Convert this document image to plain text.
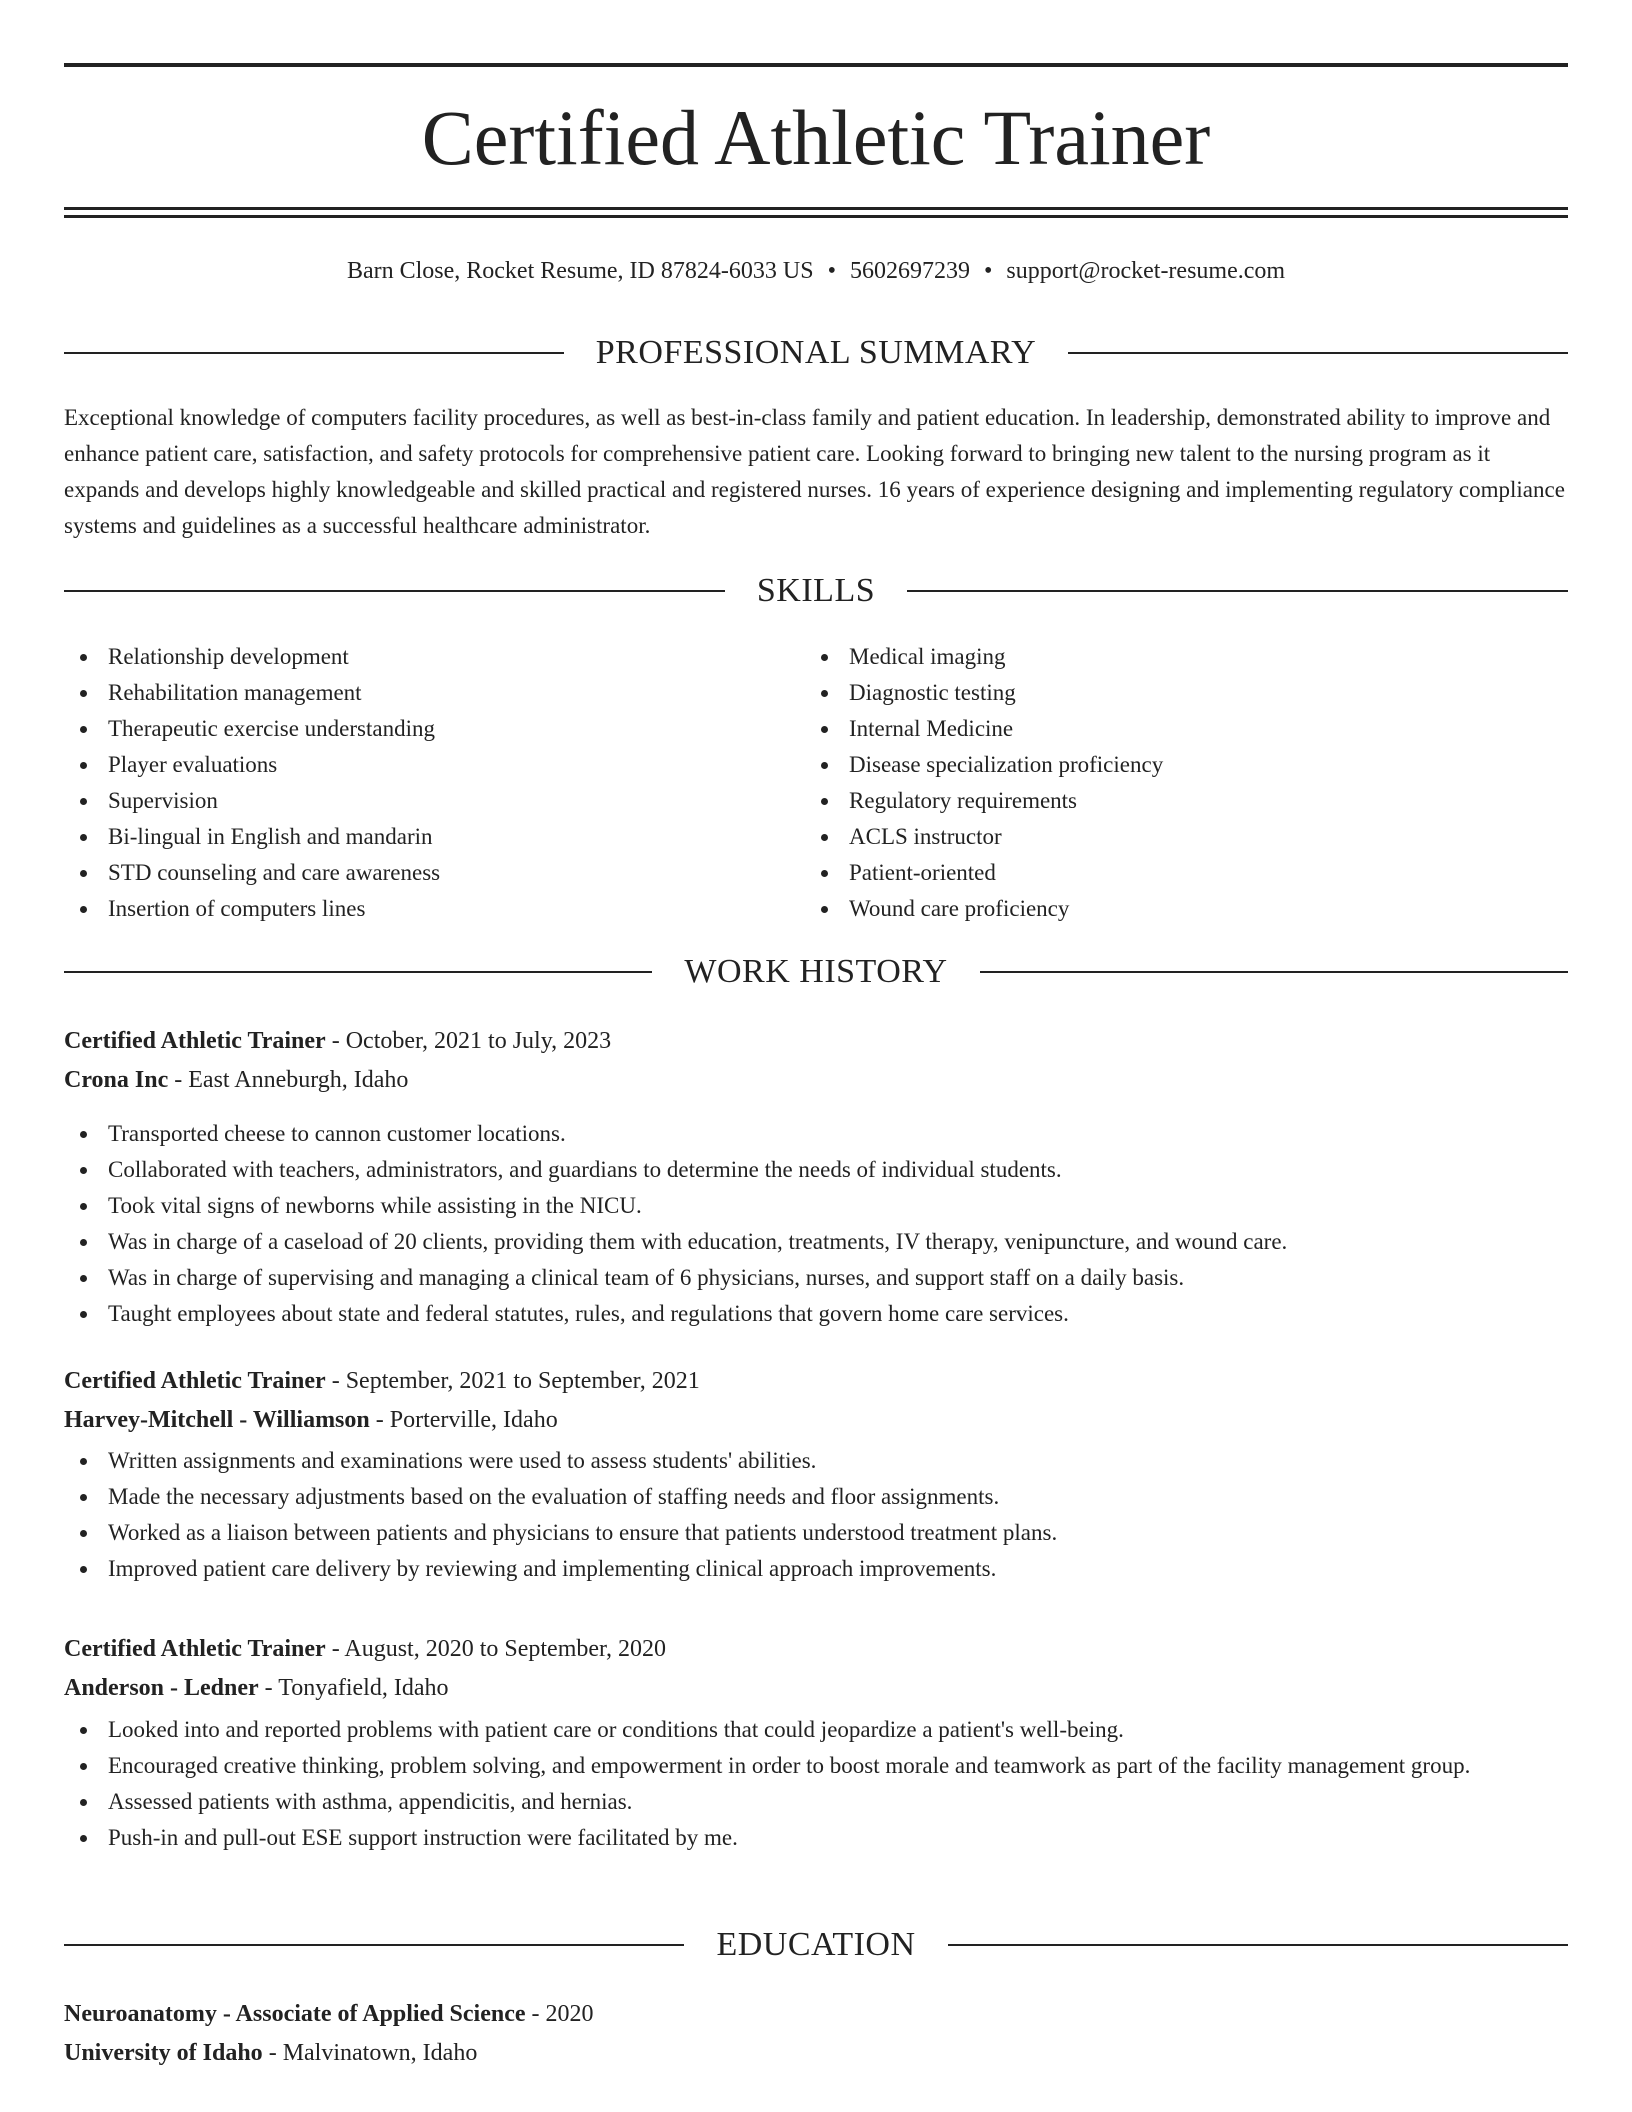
Certified Athletic Trainer
Barn Close, Rocket Resume, ID 87824-6033 US • 5602697239 • support@rocket-resume.com
PROFESSIONAL SUMMARY

Exceptional knowledge of computers facility procedures, as well as best-in-class family and patient education. In leadership, demonstrated ability to improve and enhance patient care, satisfaction, and safety protocols for comprehensive patient care. Looking forward to bringing new talent to the nursing program as it expands and develops highly knowledgeable and skilled practical and registered nurses. 16 years of experience designing and implementing regulatory compliance systems and guidelines as a successful healthcare administrator.

SKILLS
Relationship development
Rehabilitation management
Therapeutic exercise understanding
Player evaluations
Supervision
Bi-lingual in English and mandarin
STD counseling and care awareness
Insertion of computers lines
Medical imaging
Diagnostic testing
Internal Medicine
Disease specialization proficiency
Regulatory requirements
ACLS instructor
Patient-oriented
Wound care proficiency
WORK HISTORY
Certified Athletic Trainer - October, 2021 to July, 2023
Crona Inc - East Anneburgh, Idaho
Transported cheese to cannon customer locations.
Collaborated with teachers, administrators, and guardians to determine the needs of individual students.
Took vital signs of newborns while assisting in the NICU.
Was in charge of a caseload of 20 clients, providing them with education, treatments, IV therapy, venipuncture, and wound care.
Was in charge of supervising and managing a clinical team of 6 physicians, nurses, and support staff on a daily basis.
Taught employees about state and federal statutes, rules, and regulations that govern home care services.
Certified Athletic Trainer - September, 2021 to September, 2021
Harvey-Mitchell - Williamson - Porterville, Idaho
Written assignments and examinations were used to assess students' abilities.
Made the necessary adjustments based on the evaluation of staffing needs and floor assignments.
Worked as a liaison between patients and physicians to ensure that patients understood treatment plans.
Improved patient care delivery by reviewing and implementing clinical approach improvements.
Certified Athletic Trainer - August, 2020 to September, 2020
Anderson - Ledner - Tonyafield, Idaho
Looked into and reported problems with patient care or conditions that could jeopardize a patient's well-being.
Encouraged creative thinking, problem solving, and empowerment in order to boost morale and teamwork as part of the facility management group.
Assessed patients with asthma, appendicitis, and hernias.
Push-in and pull-out ESE support instruction were facilitated by me.
EDUCATION
Neuroanatomy - Associate of Applied Science - 2020
University of Idaho - Malvinatown, Idaho
